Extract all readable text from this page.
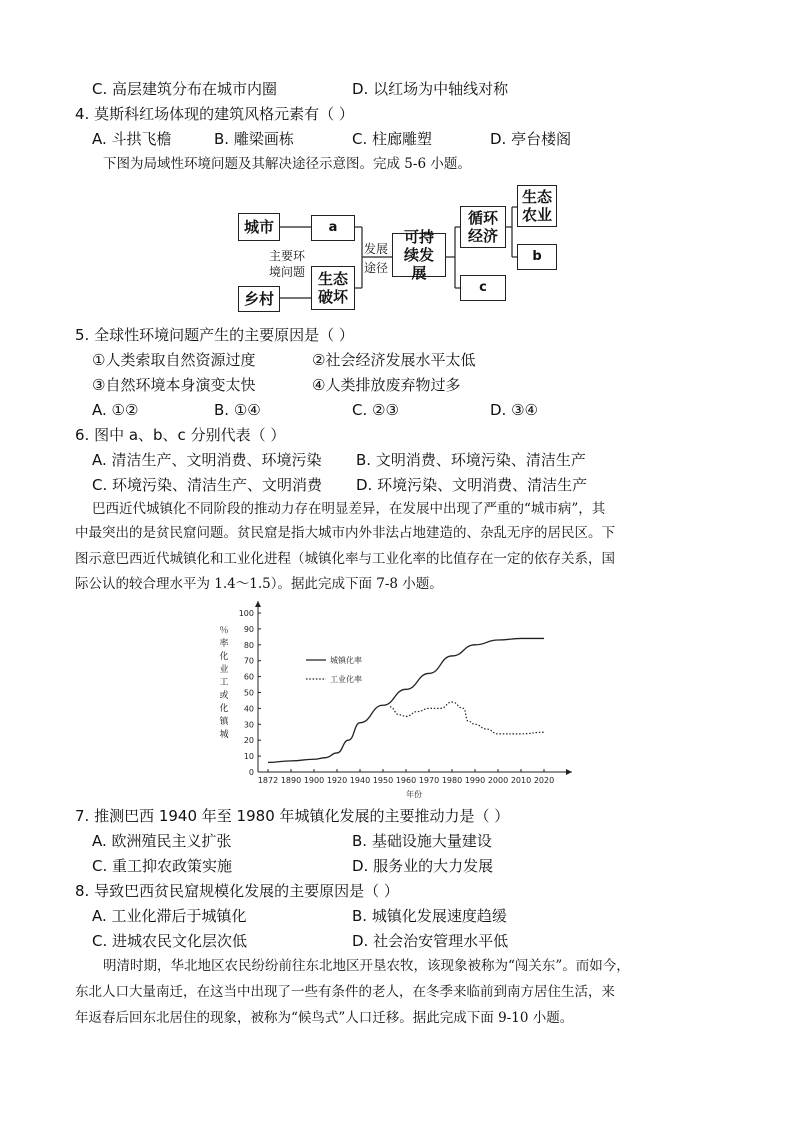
C. 高层建筑分布在城市内圈	D. 以红场为中轴线对称
4. 莫斯科红场体现的建筑风格元素有（ ）
A. 斗拱飞檐	B. 雕梁画栋	C. 柱廊雕塑	D. 亭台楼阁
下图为局域性环境问题及其解决途径示意图。完成 5-6 小题。
城市
乡村
a
生态破坏
主要环境问题
发展途径
可持续发展
循环经济
c
生态农业
b
5. 全球性环境问题产生的主要原因是（ ）
①人类索取自然资源过度	②社会经济发展水平太低
③自然环境本身演变太快	④人类排放废弃物过多
A. ①②	B. ①④	C. ②③	D. ③④
6. 图中 a、b、c 分别代表（ ）
A. 清洁生产、文明消费、环境污染 B. 文明消费、环境污染、清洁生产
C. 环境污染、清洁生产、文明消费 D. 环境污染、文明消费、清洁生产
巴西近代城镇化不同阶段的推动力存在明显差异，在发展中出现了严重的“城市病”，其
中最突出的是贫民窟问题。贫民窟是指大城市内外非法占地建造的、杂乱无序的居民区。下
图示意巴西近代城镇化和工业化进程（城镇化率与工业化率的比值存在一定的依存关系，国
际公认的较合理水平为 1.4～1.5）。据此完成下面 7-8 小题。
0
10
20
30
40
50
60
70
80
90
100
1872 1890 1900 1920 1940 1950 1960 1970 1980 1990 2000 2010 2020
年份
城镇化率
工业化率
％
率
化
业
工
或
化
镇
城
7. 推测巴西 1940 年至 1980 年城镇化发展的主要推动力是（ ）
A. 欧洲殖民主义扩张	B. 基础设施大量建设
C. 重工抑农政策实施	D. 服务业的大力发展
8. 导致巴西贫民窟规模化发展的主要原因是（ ）
A. 工业化滞后于城镇化	B. 城镇化发展速度趋缓
C. 进城农民文化层次低	D. 社会治安管理水平低
明清时期，华北地区农民纷纷前往东北地区开垦农牧，该现象被称为“闯关东”。而如今，
东北人口大量南迁，在这当中出现了一些有条件的老人，在冬季来临前到南方居住生活，来
年返春后回东北居住的现象，被称为“候鸟式”人口迁移。据此完成下面 9-10 小题。
